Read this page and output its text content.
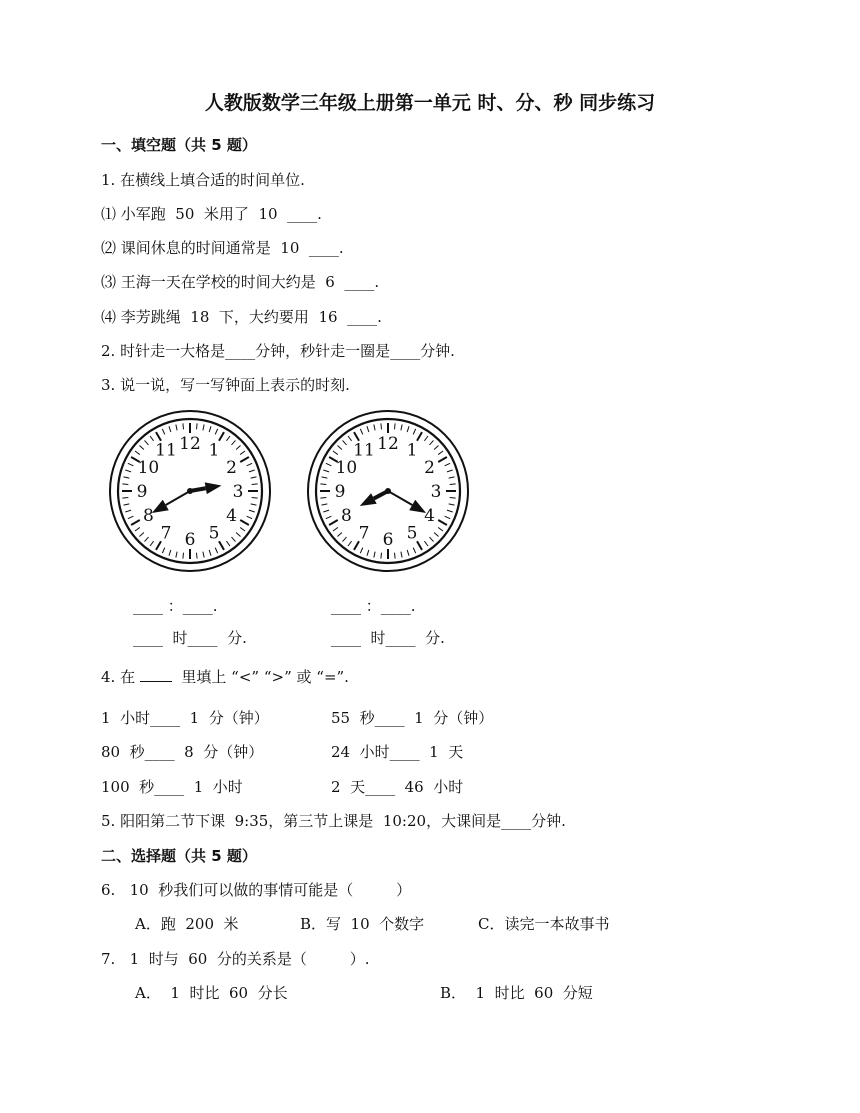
人教版数学三年级上册第一单元 时、分、秒 同步练习
一、填空题（共 5 题）
1. 在横线上填合适的时间单位.
⑴ 小军跑  50  米用了  10  ____.
⑵ 课间休息的时间通常是  10  ____.
⑶ 王海一天在学校的时间大约是  6  ____.
⑷ 李芳跳绳  18  下，大约要用  16  ____.
2. 时针走一大格是____分钟，秒针走一圈是____分钟.
3. 说一说，写一写钟面上表示的时刻.
12 1
2
3
4
5
6
7
8
9
10
11	12 1
2
3
4
5
6
7
8
9
10
11
____ ：____.	____ ：____.
____  时____  分.	____  时____  分.
4. 在   里填上 “<” “>” 或 “=”.
1  小时____  1  分（钟）	55  秒____  1  分（钟）
80  秒____  8  分（钟）	24  小时____  1  天
100  秒____  1  小时	2  天____  46  小时
5. 阳阳第二节下课  9:35，第三节上课是  10:20，大课间是____分钟.
二、选择题（共 5 题）
6.   10  秒我们可以做的事情可能是（         ）
A．跑  200  米	B．写  10  个数字	C．读完一本故事书
7.   1  时与  60  分的关系是（         ）.
A．  1  时比  60  分长	B．  1  时比  60  分短
